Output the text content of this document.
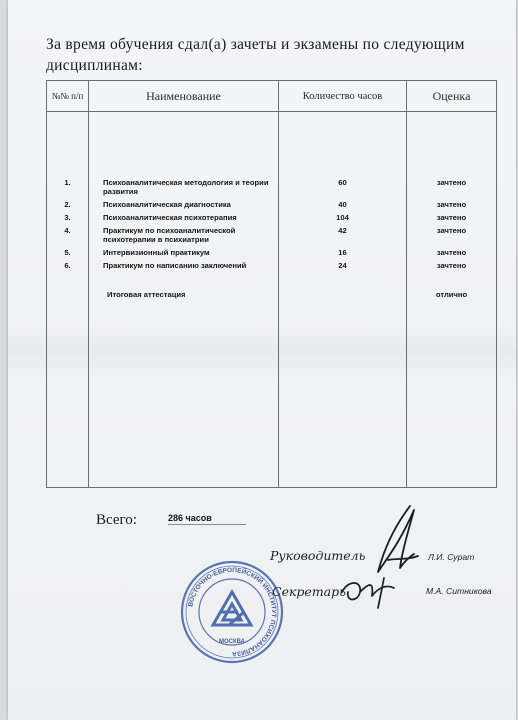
За время обучения сдал(а) зачеты и экзамены по следующим
дисциплинам:
№№ п/п	Наименование	Количество часов	Оценка
1.	Психоаналитическая методология и теории развития	60	зачтено
2.	Психоаналитическая диагностика	40	зачтено
3.	Психоаналитическая психотерапия	104	зачтено
4.	Практикум по психоаналитической психотерапии в психиатрии	42	зачтено
5.	Интервизионный практикум	16	зачтено
6.	Практикум по написанию заключений	24	зачтено
	Итоговая аттестация		отлично
Всего:	286 часов
ВОСТОЧНО-ЕВРОПЕЙСКИЙ ИНСТИТУТ ПСИХОАНАЛИЗА
МОСКВА
Руководитель	Л.И. Сурат
Секретарь	М.А. Ситникова
